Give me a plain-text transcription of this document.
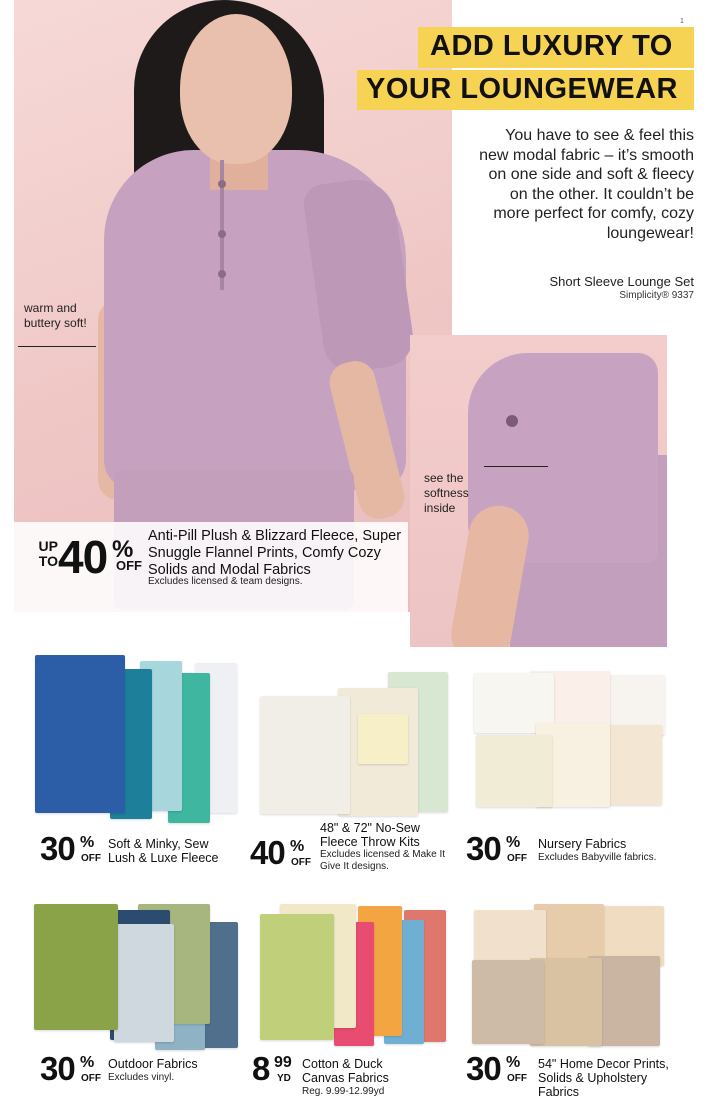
warm and buttery soft!
ADD LUXURY TO
YOUR LOUNGEWEAR
1
You have to see & feel this new modal fabric – it’s smooth on one side and soft & fleecy on the other. It couldn’t be more perfect for comfy, cozy loungewear!
Short Sleeve Lounge Set
Simplicity® 9337
see the softness inside
UP TO 40 %
OFF
Anti-Pill Plush & Blizzard Fleece, Super Snuggle Flannel Prints, Comfy Cozy Solids and Modal Fabrics
Excludes licensed & team designs.
30 %
OFF
Soft & Minky, Sew Lush & Luxe Fleece 40 %
OFF
48" & 72" No-Sew Fleece Throw Kits
Excludes licensed & Make It Give It designs.	30 %
OFF
Nursery Fabrics
Excludes Babyville fabrics.
30 %
OFF
Outdoor Fabrics
Excludes vinyl.	8 99
YD
Cotton & Duck Canvas Fabrics
Reg. 9.99-12.99yd
30 %
OFF
54" Home Decor Prints, Solids & Upholstery Fabrics
